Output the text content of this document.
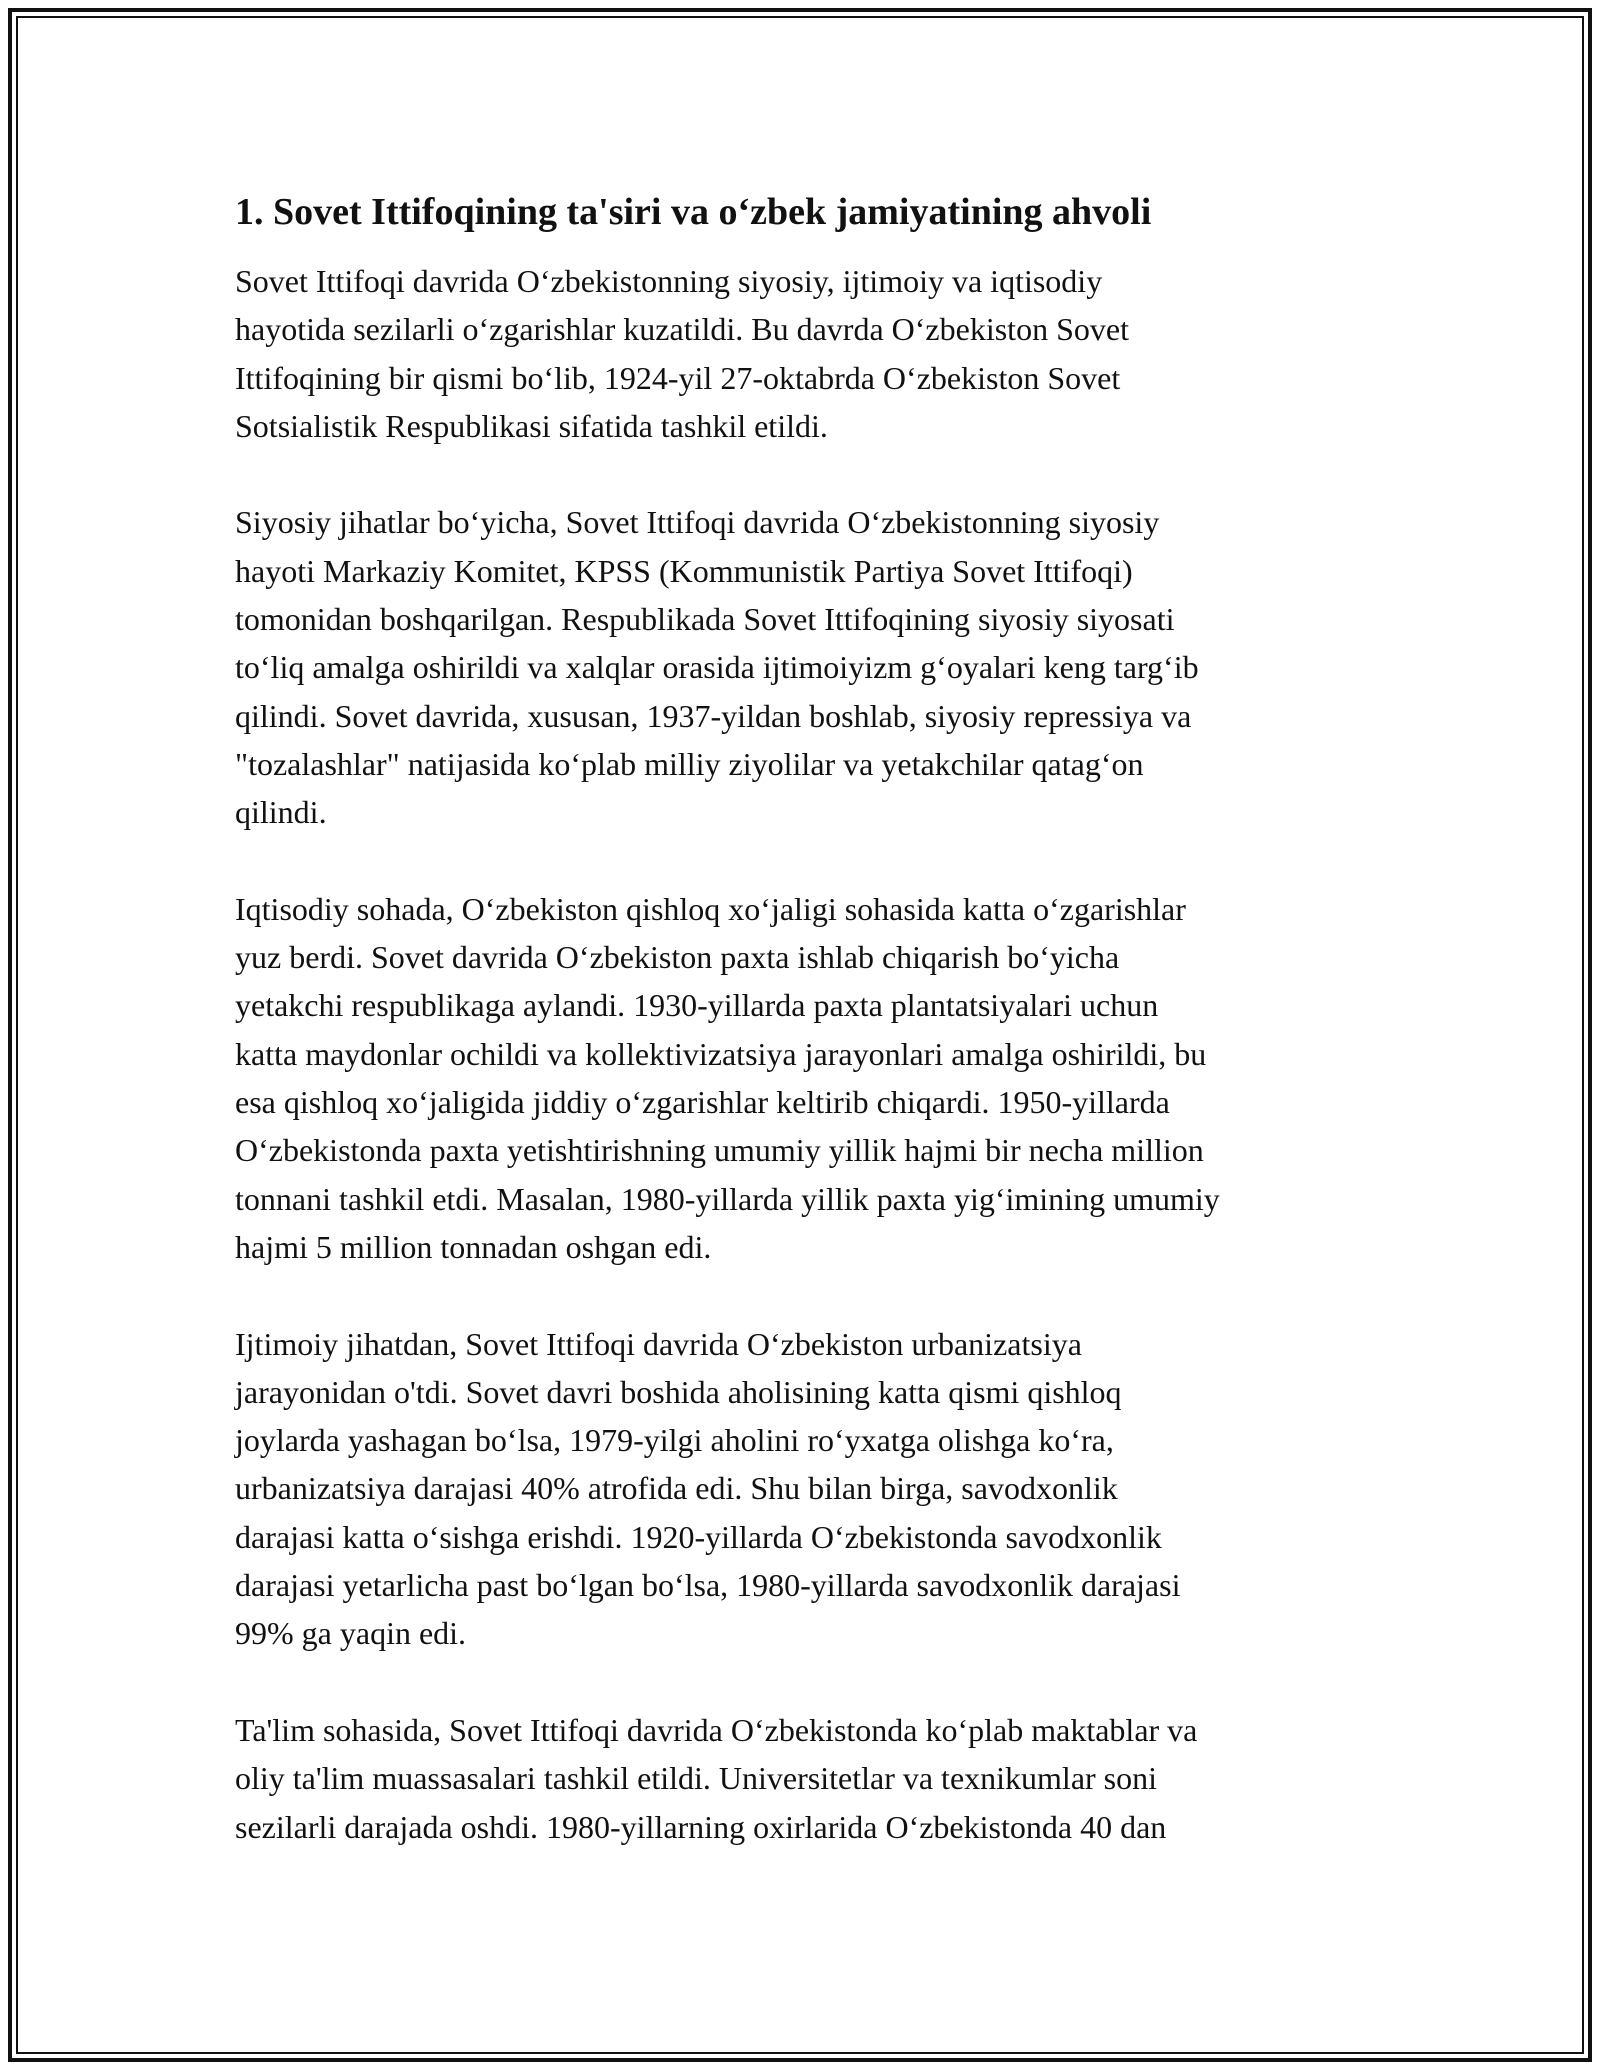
1. Sovet Ittifoqining ta'siri va o‘zbek jamiyatining ahvoli

Sovet Ittifoqi davrida O‘zbekistonning siyosiy, ijtimoiy va iqtisodiy
hayotida sezilarli o‘zgarishlar kuzatildi. Bu davrda O‘zbekiston Sovet
Ittifoqining bir qismi bo‘lib, 1924-yil 27-oktabrda O‘zbekiston Sovet
Sotsialistik Respublikasi sifatida tashkil etildi.

Siyosiy jihatlar bo‘yicha, Sovet Ittifoqi davrida O‘zbekistonning siyosiy
hayoti Markaziy Komitet, KPSS (Kommunistik Partiya Sovet Ittifoqi)
tomonidan boshqarilgan. Respublikada Sovet Ittifoqining siyosiy siyosati
to‘liq amalga oshirildi va xalqlar orasida ijtimoiyizm g‘oyalari keng targ‘ib
qilindi. Sovet davrida, xususan, 1937-yildan boshlab, siyosiy repressiya va
"tozalashlar" natijasida ko‘plab milliy ziyolilar va yetakchilar qatag‘on
qilindi.

Iqtisodiy sohada, O‘zbekiston qishloq xo‘jaligi sohasida katta o‘zgarishlar
yuz berdi. Sovet davrida O‘zbekiston paxta ishlab chiqarish bo‘yicha
yetakchi respublikaga aylandi. 1930-yillarda paxta plantatsiyalari uchun
katta maydonlar ochildi va kollektivizatsiya jarayonlari amalga oshirildi, bu
esa qishloq xo‘jaligida jiddiy o‘zgarishlar keltirib chiqardi. 1950-yillarda
O‘zbekistonda paxta yetishtirishning umumiy yillik hajmi bir necha million
tonnani tashkil etdi. Masalan, 1980-yillarda yillik paxta yig‘imining umumiy
hajmi 5 million tonnadan oshgan edi.

Ijtimoiy jihatdan, Sovet Ittifoqi davrida O‘zbekiston urbanizatsiya
jarayonidan o'tdi. Sovet davri boshida aholisining katta qismi qishloq
joylarda yashagan bo‘lsa, 1979-yilgi aholini ro‘yxatga olishga ko‘ra,
urbanizatsiya darajasi 40% atrofida edi. Shu bilan birga, savodxonlik
darajasi katta o‘sishga erishdi. 1920-yillarda O‘zbekistonda savodxonlik
darajasi yetarlicha past bo‘lgan bo‘lsa, 1980-yillarda savodxonlik darajasi
99% ga yaqin edi.

Ta'lim sohasida, Sovet Ittifoqi davrida O‘zbekistonda ko‘plab maktablar va
oliy ta'lim muassasalari tashkil etildi. Universitetlar va texnikumlar soni
sezilarli darajada oshdi. 1980-yillarning oxirlarida O‘zbekistonda 40 dan
